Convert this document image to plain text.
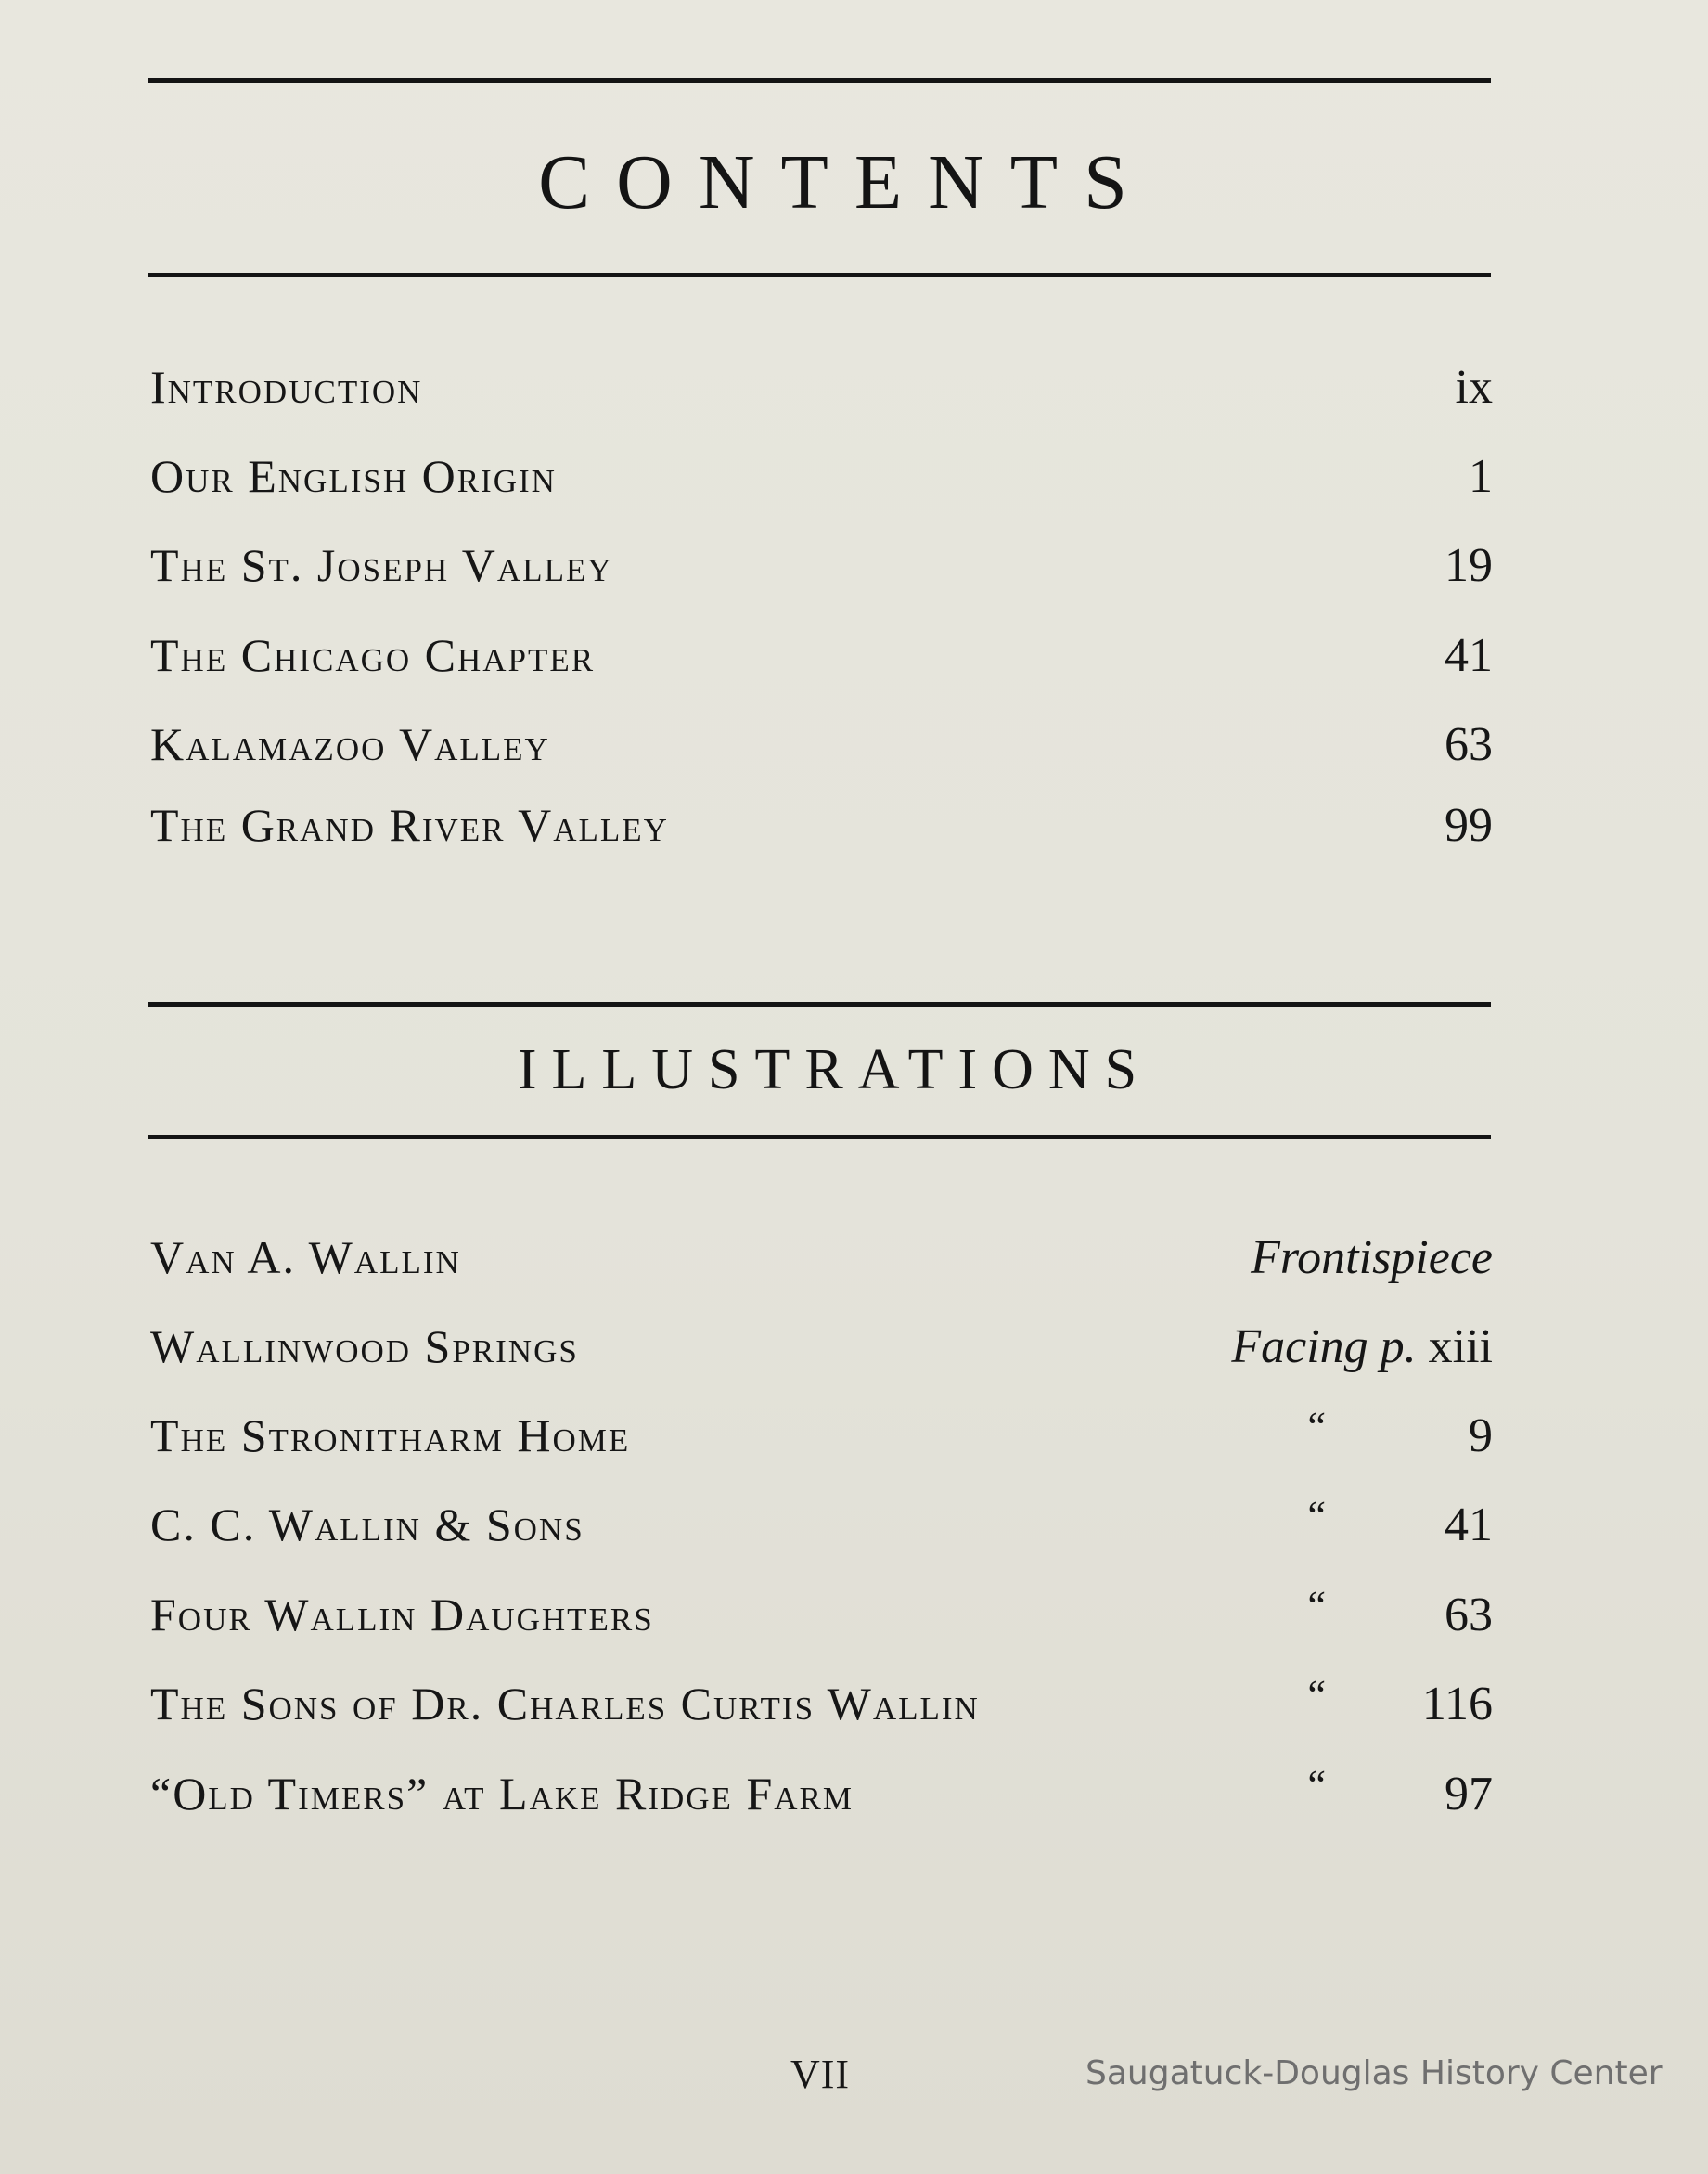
CONTENTS
Introduction	ix
Our English Origin	1
The St. Joseph Valley	19
The Chicago Chapter	41
Kalamazoo Valley	63
The Grand River Valley	99
ILLUSTRATIONS
Van A. Wallin	Frontispiece
Wallinwood Springs	Facing p. xiii
The Stronitharm Home	“	9
C. C. Wallin & Sons	“ 41
Four Wallin Daughters	“ 63
The Sons of Dr. Charles Curtis Wallin	“ 116
“Old Timers” at Lake Ridge Farm	“ 97
VII	Saugatuck-Douglas History Center
